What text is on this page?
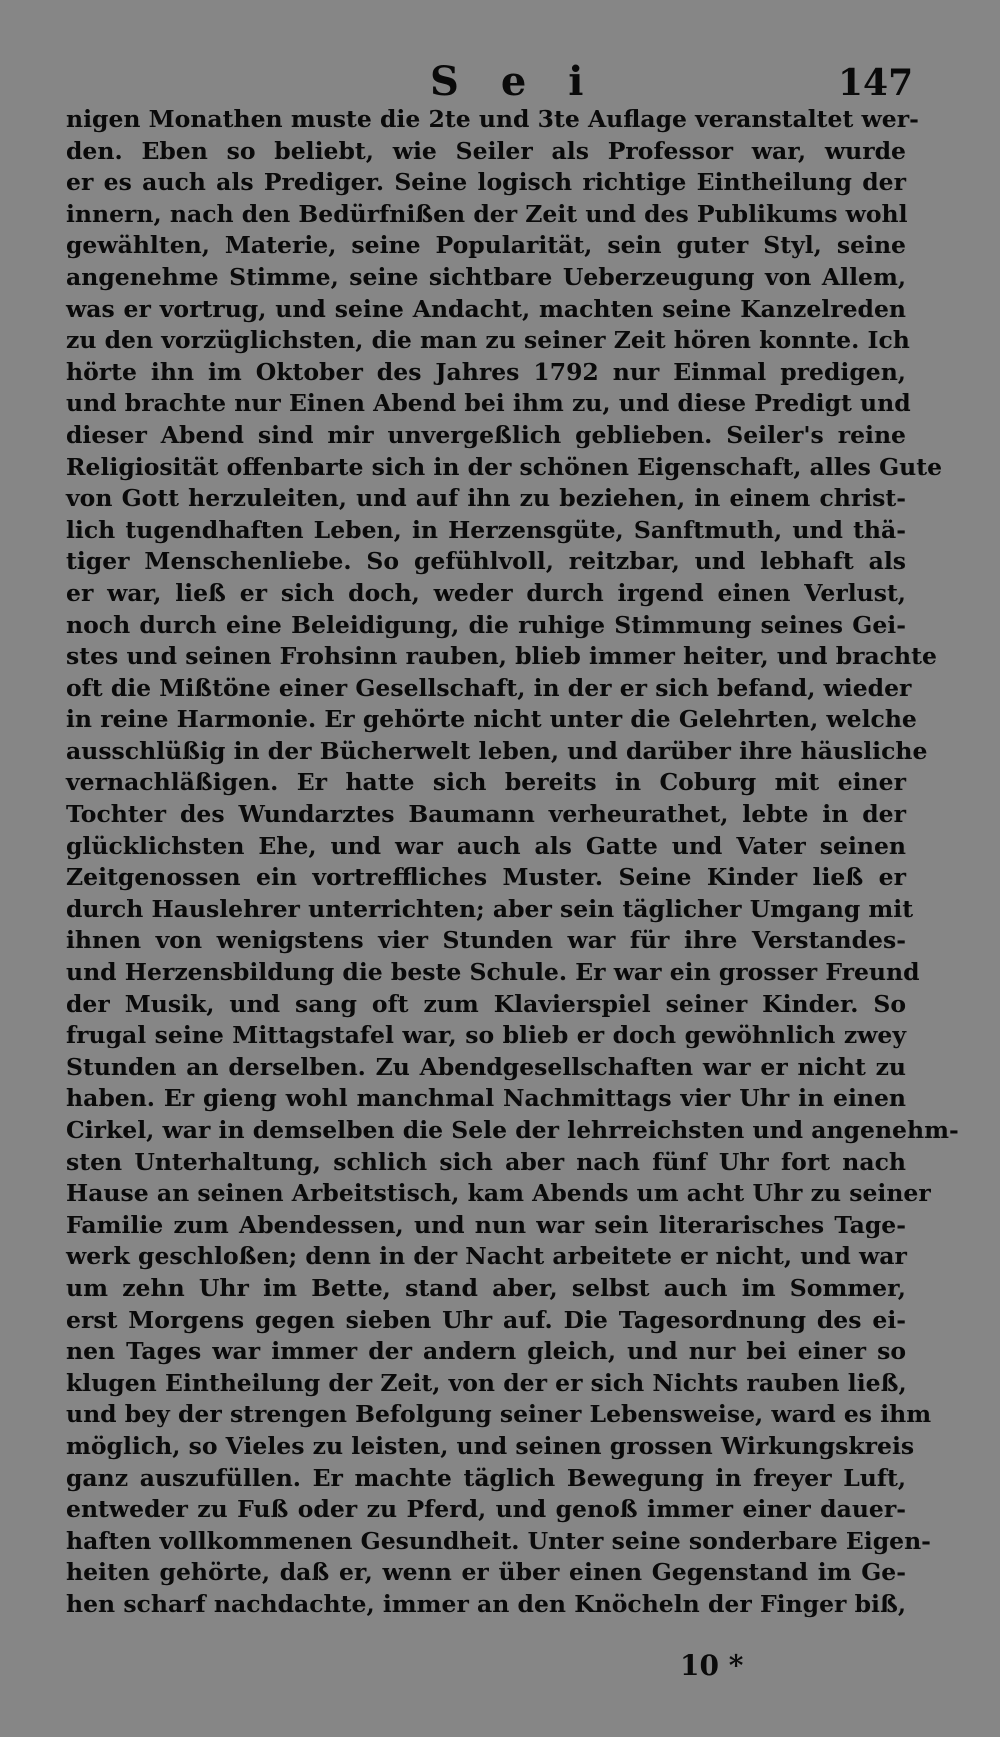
S e i	147
nigen Monathen muste die 2te und 3te Auflage veranstaltet wer-
den. Eben so beliebt, wie Seiler als Professor war, wurde
er es auch als Prediger. Seine logisch richtige Eintheilung der
innern, nach den Bedürfnißen der Zeit und des Publikums wohl
gewählten, Materie, seine Popularität, sein guter Styl, seine
angenehme Stimme, seine sichtbare Ueberzeugung von Allem,
was er vortrug, und seine Andacht, machten seine Kanzelreden
zu den vorzüglichsten, die man zu seiner Zeit hören konnte. Ich
hörte ihn im Oktober des Jahres 1792 nur Einmal predigen,
und brachte nur Einen Abend bei ihm zu, und diese Predigt und
dieser Abend sind mir unvergeßlich geblieben. Seiler's reine
Religiosität offenbarte sich in der schönen Eigenschaft, alles Gute
von Gott herzuleiten, und auf ihn zu beziehen, in einem christ-
lich tugendhaften Leben, in Herzensgüte, Sanftmuth, und thä-
tiger Menschenliebe. So gefühlvoll, reitzbar, und lebhaft als
er war, ließ er sich doch, weder durch irgend einen Verlust,
noch durch eine Beleidigung, die ruhige Stimmung seines Gei-
stes und seinen Frohsinn rauben, blieb immer heiter, und brachte
oft die Mißtöne einer Gesellschaft, in der er sich befand, wieder
in reine Harmonie. Er gehörte nicht unter die Gelehrten, welche
ausschlüßig in der Bücherwelt leben, und darüber ihre häusliche
vernachläßigen. Er hatte sich bereits in Coburg mit einer
Tochter des Wundarztes Baumann verheurathet, lebte in der
glücklichsten Ehe, und war auch als Gatte und Vater seinen
Zeitgenossen ein vortreffliches Muster. Seine Kinder ließ er
durch Hauslehrer unterrichten; aber sein täglicher Umgang mit
ihnen von wenigstens vier Stunden war für ihre Verstandes-
und Herzensbildung die beste Schule. Er war ein grosser Freund
der Musik, und sang oft zum Klavierspiel seiner Kinder. So
frugal seine Mittagstafel war, so blieb er doch gewöhnlich zwey
Stunden an derselben. Zu Abendgesellschaften war er nicht zu
haben. Er gieng wohl manchmal Nachmittags vier Uhr in einen
Cirkel, war in demselben die Sele der lehrreichsten und angenehm-
sten Unterhaltung, schlich sich aber nach fünf Uhr fort nach
Hause an seinen Arbeitstisch, kam Abends um acht Uhr zu seiner
Familie zum Abendessen, und nun war sein literarisches Tage-
werk geschloßen; denn in der Nacht arbeitete er nicht, und war
um zehn Uhr im Bette, stand aber, selbst auch im Sommer,
erst Morgens gegen sieben Uhr auf. Die Tagesordnung des ei-
nen Tages war immer der andern gleich, und nur bei einer so
klugen Eintheilung der Zeit, von der er sich Nichts rauben ließ,
und bey der strengen Befolgung seiner Lebensweise, ward es ihm
möglich, so Vieles zu leisten, und seinen grossen Wirkungskreis
ganz auszufüllen. Er machte täglich Bewegung in freyer Luft,
entweder zu Fuß oder zu Pferd, und genoß immer einer dauer-
haften vollkommenen Gesundheit. Unter seine sonderbare Eigen-
heiten gehörte, daß er, wenn er über einen Gegenstand im Ge-
hen scharf nachdachte, immer an den Knöcheln der Finger biß,
10 *
